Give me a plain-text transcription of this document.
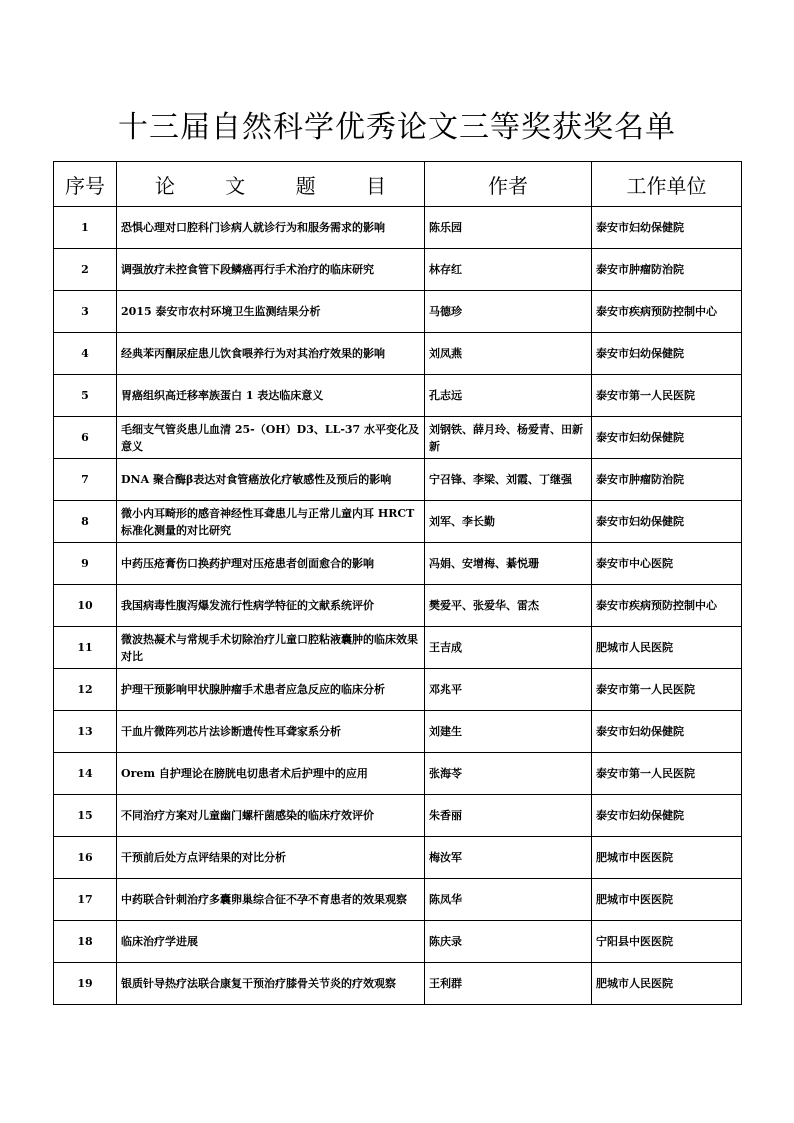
十三届自然科学优秀论文三等奖获奖名单
序号	论 文 题 目	作者	工作单位
1	恐惧心理对口腔科门诊病人就诊行为和服务需求的影响	陈乐园	泰安市妇幼保健院
2	调强放疗未控食管下段鳞癌再行手术治疗的临床研究	林存红	泰安市肿瘤防治院
3	2015 泰安市农村环境卫生监测结果分析	马德珍	泰安市疾病预防控制中心
4	经典苯丙酮尿症患儿饮食喂养行为对其治疗效果的影响	刘凤燕	泰安市妇幼保健院
5	胃癌组织高迁移率族蛋白 1 表达临床意义	孔志远	泰安市第一人民医院
6	毛细支气管炎患儿血清 25-（OH）D3、LL-37 水平变化及意义	刘钢铁、薛月玲、杨爱青、田新新	泰安市妇幼保健院
7	DNA 聚合酶β表达对食管癌放化疗敏感性及预后的影响	宁召锋、李梁、刘霞、丁继强	泰安市肿瘤防治院
8	微小内耳畸形的感音神经性耳聋患儿与正常儿童内耳 HRCT 标准化测量的对比研究	刘军、李长勤	泰安市妇幼保健院
9	中药压疮膏伤口换药护理对压疮患者创面愈合的影响	冯娟、安增梅、綦悦珊	泰安市中心医院
10	我国病毒性腹泻爆发流行性病学特征的文献系统评价	樊爱平、张爱华、雷杰	泰安市疾病预防控制中心
11	微波热凝术与常规手术切除治疗儿童口腔粘液囊肿的临床效果对比	王吉成	肥城市人民医院
12	护理干预影响甲状腺肿瘤手术患者应急反应的临床分析	邓兆平	泰安市第一人民医院
13	干血片微阵列芯片法诊断遗传性耳聋家系分析	刘建生	泰安市妇幼保健院
14	Orem 自护理论在膀胱电切患者术后护理中的应用	张海苓	泰安市第一人民医院
15	不同治疗方案对儿童幽门螺杆菌感染的临床疗效评价	朱香丽	泰安市妇幼保健院
16	干预前后处方点评结果的对比分析	梅汝军	肥城市中医医院
17	中药联合针刺治疗多囊卵巢综合征不孕不育患者的效果观察	陈凤华	肥城市中医医院
18	临床治疗学进展	陈庆录	宁阳县中医医院
19	银质针导热疗法联合康复干预治疗膝骨关节炎的疗效观察	王利群	肥城市人民医院
